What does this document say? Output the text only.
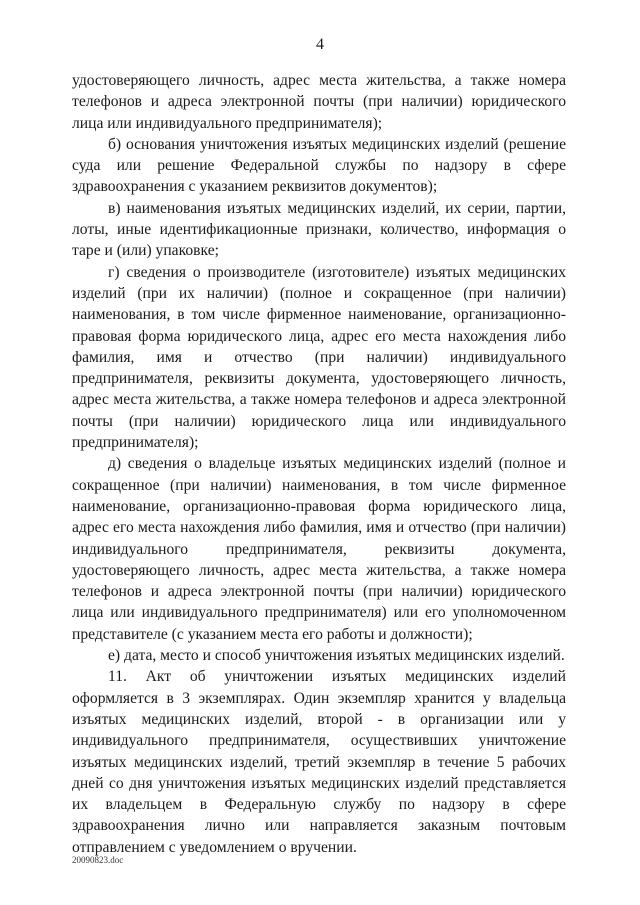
4

удостоверяющего личность, адрес места жительства, а также номера телефонов и адреса электронной почты (при наличии) юридического лица или индивидуального предпринимателя);

б) основания уничтожения изъятых медицинских изделий (решение суда или решение Федеральной службы по надзору в сфере здравоохранения с указанием реквизитов документов);

в) наименования изъятых медицинских изделий, их серии, партии, лоты, иные идентификационные признаки, количество, информация о таре и (или) упаковке;

г) сведения о производителе (изготовителе) изъятых медицинских изделий (при их наличии) (полное и сокращенное (при наличии) наименования, в том числе фирменное наименование, организационно-правовая форма юридического лица, адрес его места нахождения либо фамилия, имя и отчество (при наличии) индивидуального предпринимателя, реквизиты документа, удостоверяющего личность, адрес места жительства, а также номера телефонов и адреса электронной почты (при наличии) юридического лица или индивидуального предпринимателя);

д) сведения о владельце изъятых медицинских изделий (полное и сокращенное (при наличии) наименования, в том числе фирменное наименование, организационно-правовая форма юридического лица, адрес его места нахождения либо фамилия, имя и отчество (при наличии) индивидуального предпринимателя, реквизиты документа, удостоверяющего личность, адрес места жительства, а также номера телефонов и адреса электронной почты (при наличии) юридического лица или индивидуального предпринимателя) или его уполномоченном представителе (с указанием места его работы и должности);

е) дата, место и способ уничтожения изъятых медицинских изделий.

11. Акт об уничтожении изъятых медицинских изделий оформляется в 3 экземплярах. Один экземпляр хранится у владельца изъятых медицинских изделий, второй - в организации или у индивидуального предпринимателя, осуществивших уничтожение изъятых медицинских изделий, третий экземпляр в течение 5 рабочих дней со дня уничтожения изъятых медицинских изделий представляется их владельцем в Федеральную службу по надзору в сфере здравоохранения лично или направляется заказным почтовым отправлением с уведомлением о вручении.

20090823.doc
